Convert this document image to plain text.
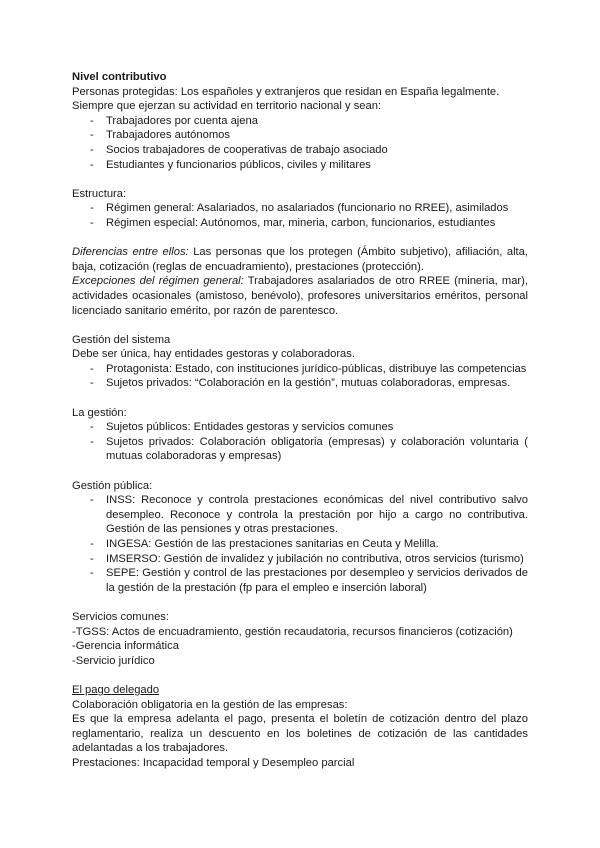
Nivel contributivo

Personas protegidas: Los españoles y extranjeros que residan en España legalmente.

Siempre que ejerzan su actividad en territorio nacional y sean:

- Trabajadores por cuenta ajena
- Trabajadores autónomos
- Socios trabajadores de cooperativas de trabajo asociado
- Estudiantes y funcionarios públicos, civiles y militares

Estructura:

- Régimen general: Asalariados, no asalariados (funcionario no RREE), asimilados
- Régimen especial: Autónomos, mar, mineria, carbon, funcionarios, estudiantes

Diferencias entre ellos: Las personas que los protegen (Ámbito subjetivo), afiliación, alta, baja, cotización (reglas de encuadramiento), prestaciones (protección).

Excepciones del régimen general: Trabajadores asalariados de otro RREE (mineria, mar), actividades ocasionales (amistoso, benévolo), profesores universitarios eméritos, personal licenciado sanitario emérito, por razón de parentesco.

Gestión del sistema

Debe ser única, hay entidades gestoras y colaboradoras.

- Protagonista: Estado, con instituciones jurídico-públicas, distribuye las competencias
- Sujetos privados: “Colaboración en la gestión”, mutuas colaboradoras, empresas.

La gestión:

- Sujetos públicos: Entidades gestoras y servicios comunes
- Sujetos privados: Colaboración obligatoria (empresas) y colaboración voluntaria ( mutuas colaboradoras y empresas)

Gestión pública:

- INSS: Reconoce y controla prestaciones económicas del nivel contributivo salvo desempleo. Reconoce y controla la prestación por hijo a cargo no contributiva. Gestión de las pensiones y otras prestaciones.
- INGESA: Gestión de las prestaciones sanitarias en Ceuta y Melilla.
- IMSERSO: Gestión de invalidez y jubilación no contributiva, otros servicios (turismo)
- SEPE: Gestión y control de las prestaciones por desempleo y servicios derivados de la gestión de la prestación (fp para el empleo e inserción laboral)

Servicios comunes:

-TGSS: Actos de encuadramiento, gestión recaudatoria, recursos financieros (cotización)

-Gerencia informática

-Servicio jurídico

El pago delegado

Colaboración obligatoria en la gestión de las empresas:

Es que la empresa adelanta el pago, presenta el boletín de cotización dentro del plazo reglamentario, realiza un descuento en los boletines de cotización de las cantidades adelantadas a los trabajadores.

Prestaciones: Incapacidad temporal y Desempleo parcial
